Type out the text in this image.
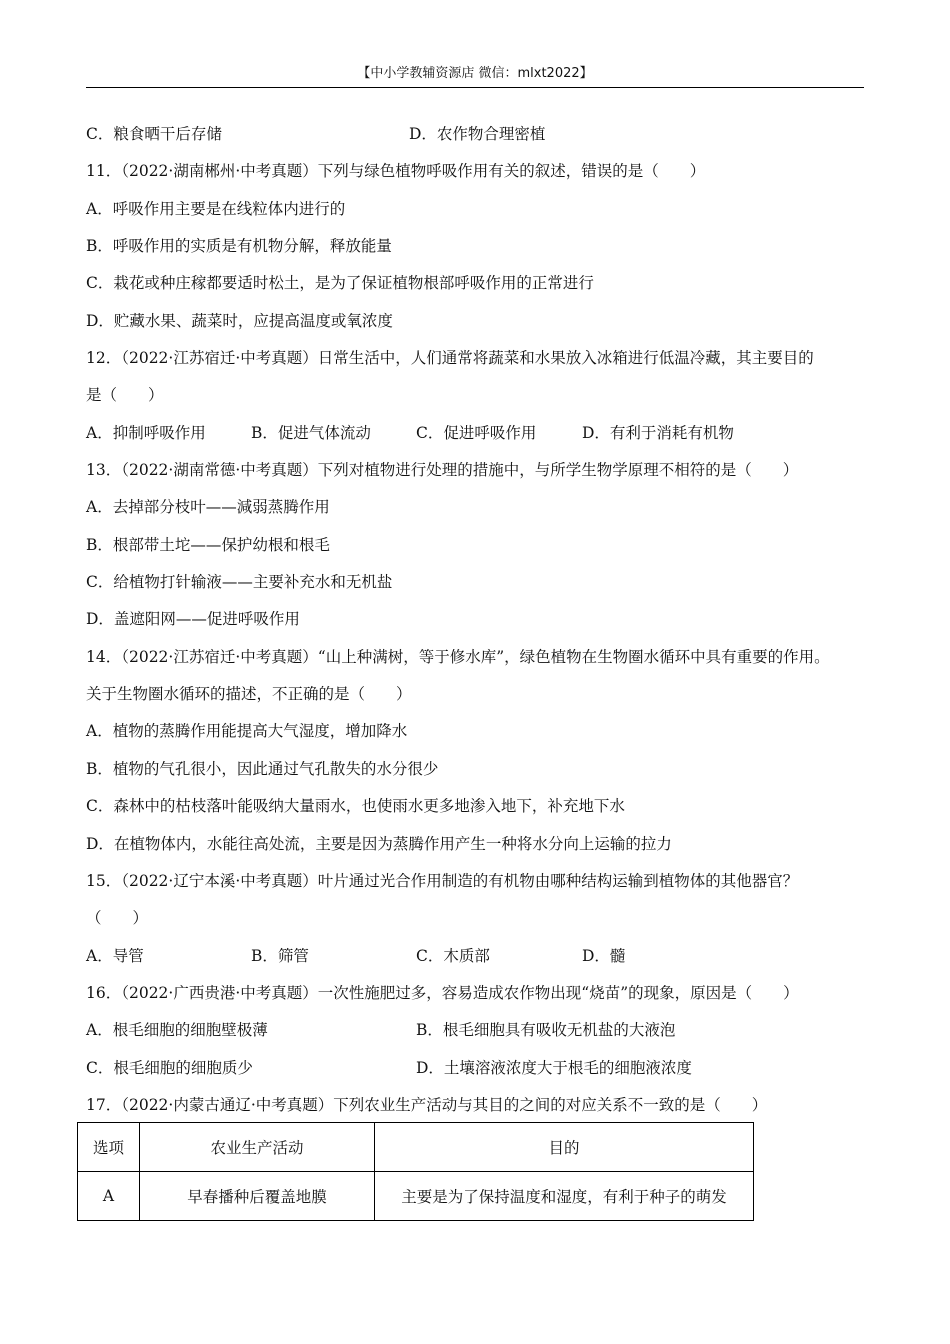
【中小学教辅资源店 微信：mlxt2022】
C．粮食晒干后存储	D．农作物合理密植
11．（2022·湖南郴州·中考真题）下列与绿色植物呼吸作用有关的叙述，错误的是（　　）
A．呼吸作用主要是在线粒体内进行的
B．呼吸作用的实质是有机物分解，释放能量
C．栽花或种庄稼都要适时松土，是为了保证植物根部呼吸作用的正常进行
D．贮藏水果、蔬菜时，应提高温度或氧浓度
12．（2022·江苏宿迁·中考真题）日常生活中，人们通常将蔬菜和水果放入冰箱进行低温冷藏，其主要目的
是（　　）
A．抑制呼吸作用	B．促进气体流动	C．促进呼吸作用	D．有利于消耗有机物
13．（2022·湖南常德·中考真题）下列对植物进行处理的措施中，与所学生物学原理不相符的是（　　）
A．去掉部分枝叶——減弱蒸腾作用
B．根部带土坨——保护幼根和根毛
C．给植物打针输液——主要补充水和无机盐
D．盖遮阳网——促进呼吸作用
14．（2022·江苏宿迁·中考真题）“山上种满树，等于修水库”，绿色植物在生物圈水循环中具有重要的作用。
关于生物圈水循环的描述，不正确的是（　　）
A．植物的蒸腾作用能提高大气湿度，增加降水
B．植物的气孔很小，因此通过气孔散失的水分很少
C．森林中的枯枝落叶能吸纳大量雨水，也使雨水更多地渗入地下，补充地下水
D．在植物体内，水能往高处流，主要是因为蒸腾作用产生一种将水分向上运输的拉力
15．（2022·辽宁本溪·中考真题）叶片通过光合作用制造的有机物由哪种结构运输到植物体的其他器官？
（　　）
A．导管	B．筛管	C．木质部	D．髓
16．（2022·广西贵港·中考真题）一次性施肥过多，容易造成农作物出现“烧苗”的现象，原因是（　　）
A．根毛细胞的细胞壁极薄	B．根毛细胞具有吸收无机盐的大液泡
C．根毛细胞的细胞质少	D．土壤溶液浓度大于根毛的细胞液浓度
17．（2022·内蒙古通辽·中考真题）下列农业生产活动与其目的之间的对应关系不一致的是（　　）
选项	农业生产活动	目的
A	早春播种后覆盖地膜	主要是为了保持温度和湿度，有利于种子的萌发
